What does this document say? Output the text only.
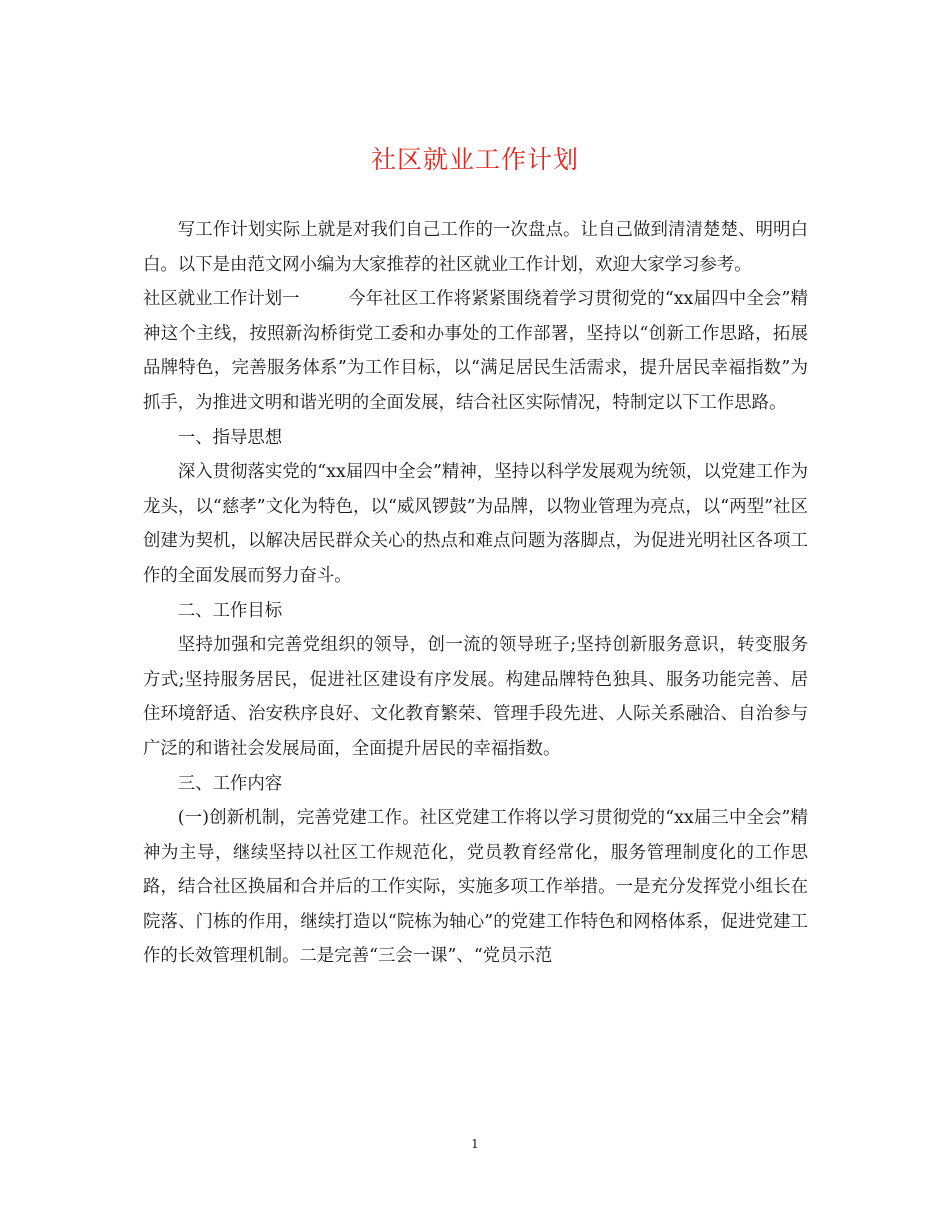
社区就业工作计划

写工作计划实际上就是对我们自己工作的一次盘点。让自己做到清清楚楚、明明白白。以下是由范文网小编为大家推荐的社区就业工作计划，欢迎大家学习参考。

社区就业工作计划一	今年社区工作将紧紧围绕着学习贯彻党的“xx届四中全会”精神这个主线，按照新沟桥街党工委和办事处的工作部署，坚持以“创新工作思路，拓展品牌特色，完善服务体系”为工作目标，以“满足居民生活需求，提升居民幸福指数”为抓手，为推进文明和谐光明的全面发展，结合社区实际情况，特制定以下工作思路。

一、指导思想

深入贯彻落实党的“xx届四中全会”精神，坚持以科学发展观为统领，以党建工作为龙头，以“慈孝”文化为特色，以“威风锣鼓”为品牌，以物业管理为亮点，以“两型”社区创建为契机，以解决居民群众关心的热点和难点问题为落脚点，为促进光明社区各项工作的全面发展而努力奋斗。

二、工作目标

坚持加强和完善党组织的领导，创一流的领导班子;坚持创新服务意识，转变服务方式;坚持服务居民，促进社区建设有序发展。构建品牌特色独具、服务功能完善、居住环境舒适、治安秩序良好、文化教育繁荣、管理手段先进、人际关系融洽、自治参与广泛的和谐社会发展局面，全面提升居民的幸福指数。

三、工作内容

(一)创新机制，完善党建工作。社区党建工作将以学习贯彻党的“xx届三中全会”精神为主导，继续坚持以社区工作规范化，党员教育经常化，服务管理制度化的工作思路，结合社区换届和合并后的工作实际，实施多项工作举措。一是充分发挥党小组长在院落、门栋的作用，继续打造以“院栋为轴心”的党建工作特色和网格体系，促进党建工作的长效管理机制。二是完善“三会一课”、“党员示范

1
